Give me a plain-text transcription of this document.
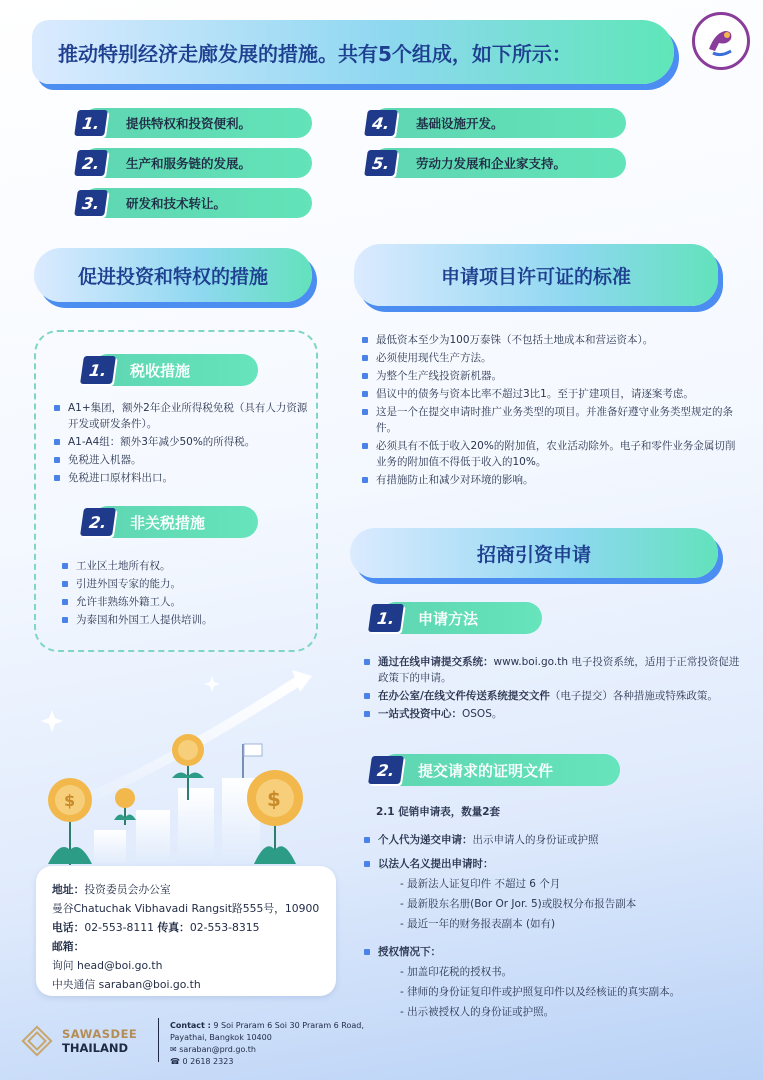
推动特别经济走廊发展的措施。共有5个组成，如下所示：
1.	提供特权和投资便利。
2.	生产和服务链的发展。
3.	研发和技术转让。
4.	基础设施开发。
5.	劳动力发展和企业家支持。
促进投资和特权的措施	申请项目许可证的标准
1.	税收措施
A1+集团，额外2年企业所得税免税（具有人力资源开发或研发条件）。
A1-A4组：额外3年减少50%的所得税。
免税进入机器。
免税进口原材料出口。
2.	非关税措施
工业区土地所有权。
引进外国专家的能力。
允许非熟练外籍工人。
为泰国和外国工人提供培训。
最低资本至少为100万泰铢（不包括土地成本和营运资本）。
必须使用现代生产方法。
为整个生产线投资新机器。
倡议中的债务与资本比率不超过3比1。至于扩建项目，请逐案考虑。
这是一个在提交申请时推广业务类型的项目。并准备好遵守业务类型规定的条件。
必须具有不低于收入20%的附加值，农业活动除外。电子和零件业务金属切削业务的附加值不得低于收入的10%。
有措施防止和减少对环境的影响。
招商引资申请
1.	申请方法
通过在线申请提交系统：www.boi.go.th 电子投资系统，适用于正常投资促进政策下的申请。
在办公室/在线文件传送系统提交文件（电子提交）各种措施或特殊政策。
一站式投资中心：OSOS。
2.	提交请求的证明文件
2.1 促销申请表，数量2套
个人代为递交申请：出示申请人的身份证或护照
以法人名义提出申请时：
- 最新法人证复印件 不超过 6 个月
- 最新股东名册(Bor Or Jor. 5)或股权分布报告副本
- 最近一年的财务报表副本 (如有)
授权情况下：
- 加盖印花税的授权书。
- 律师的身份证复印件或护照复印件以及经核证的真实副本。
- 出示被授权人的身份证或护照。
$	$
地址：投资委员会办公室
曼谷Chatuchak Vibhavadi Rangsit路555号，10900
电话：02-553-8111 传真：02-553-8315
邮箱：
询问 head@boi.go.th
中央通信 saraban@boi.go.th
SAWASDEE
THAILAND
Contact : 9 Soi Praram 6 Soi 30 Praram 6 Road, Payathai, Bangkok 10400
✉ saraban@prd.go.th
☎ 0 2618 2323
